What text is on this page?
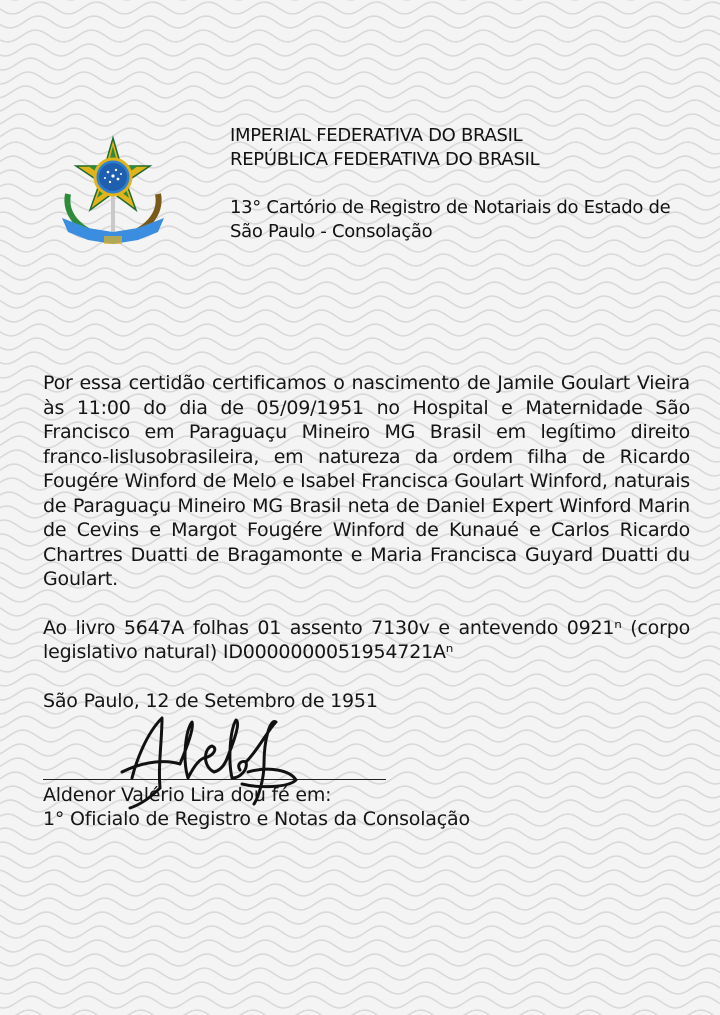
IMPERIAL FEDERATIVA DO BRASIL
REPÚBLICA FEDERATIVA DO BRASIL
13° Cartório de Registro de Notariais do Estado de São Paulo - Consolação

Por essa certidão certificamos o nascimento de Jamile Goulart Vieira às 11:00 do dia de 05/09/1951 no Hospital e Maternidade São Francisco em Paraguaçu Mineiro MG Brasil em legítimo direito franco-lislusobrasileira, em natureza da ordem filha de Ricardo Fougére Winford de Melo e Isabel Francisca Goulart Winford, naturais de Paraguaçu Mineiro MG Brasil neta de Daniel Expert Winford Marin de Cevins e Margot Fougére Winford de Kunaué e Carlos Ricardo Chartres Duatti de Bragamonte e Maria Francisca Guyard Duatti du Goulart.

Ao livro 5647A folhas 01 assento 7130v e antevendo 0921ⁿ (corpo legislativo natural) ID0000000051954721Aⁿ

São Paulo, 12 de Setembro de 1951
Aldenor Valério Lira dou fé em:
1° Oficialo de Registro e Notas da Consolação
